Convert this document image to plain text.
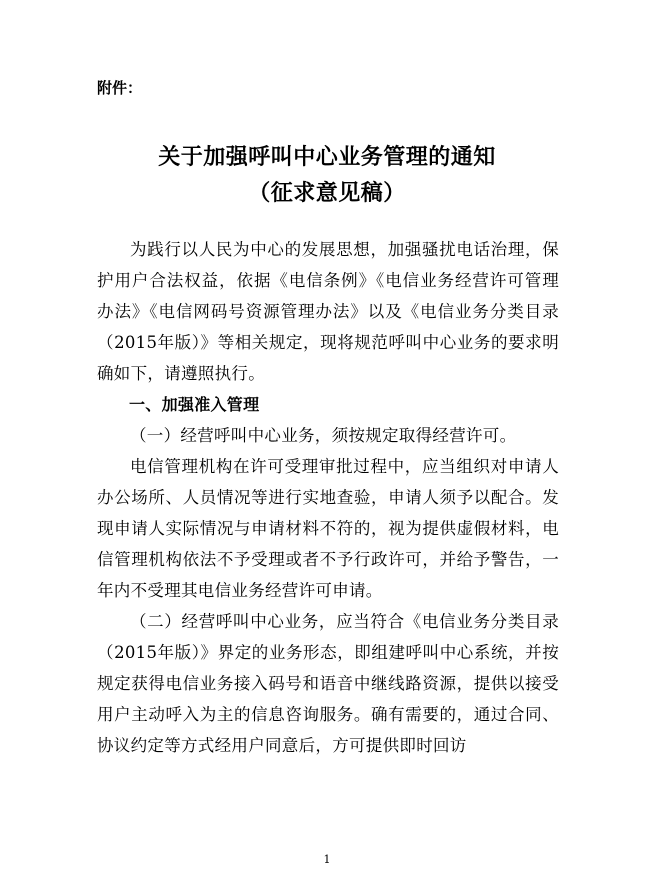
附件：
关于加强呼叫中心业务管理的通知
（征求意见稿）

为践行以人民为中心的发展思想，加强骚扰电话治理，保护用户合法权益，依据《电信条例》《电信业务经营许可管理办法》《电信网码号资源管理办法》以及《电信业务分类目录（2015年版）》等相关规定，现将规范呼叫中心业务的要求明确如下，请遵照执行。

一、加强准入管理

（一）经营呼叫中心业务，须按规定取得经营许可。

电信管理机构在许可受理审批过程中，应当组织对申请人办公场所、人员情况等进行实地查验，申请人须予以配合。发现申请人实际情况与申请材料不符的，视为提供虚假材料，电信管理机构依法不予受理或者不予行政许可，并给予警告，一年内不受理其电信业务经营许可申请。

（二）经营呼叫中心业务，应当符合《电信业务分类目录（2015年版）》界定的业务形态，即组建呼叫中心系统，并按规定获得电信业务接入码号和语音中继线路资源，提供以接受用户主动呼入为主的信息咨询服务。确有需要的，通过合同、协议约定等方式经用户同意后，方可提供即时回访

1
